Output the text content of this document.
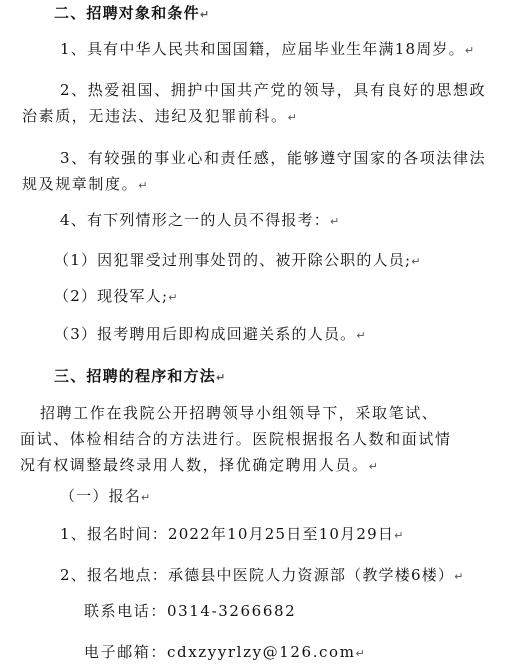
二、招聘对象和条件↵
1、具有中华人民共和国国籍，应届毕业生年满18周岁。↵
2、热爱祖国、拥护中国共产党的领导，具有良好的思想政
治素质，无违法、违纪及犯罪前科。↵
3、有较强的事业心和责任感，能够遵守国家的各项法律法
规及规章制度。↵
4、有下列情形之一的人员不得报考：↵
（1）因犯罪受过刑事处罚的、被开除公职的人员;↵
（2）现役军人;↵
（3）报考聘用后即构成回避关系的人员。↵
三、招聘的程序和方法↵
招聘工作在我院公开招聘领导小组领导下，采取笔试、
面试、体检相结合的方法进行。医院根据报名人数和面试情
况有权调整最终录用人数，择优确定聘用人员。↵
（一）报名↵
1、报名时间：2022年10月25日至10月29日↵
2、报名地点：承德县中医院人力资源部（教学楼6楼）↵
联系电话：0314-3266682
电子邮箱：cdxzyyrlzy@126.com↵
